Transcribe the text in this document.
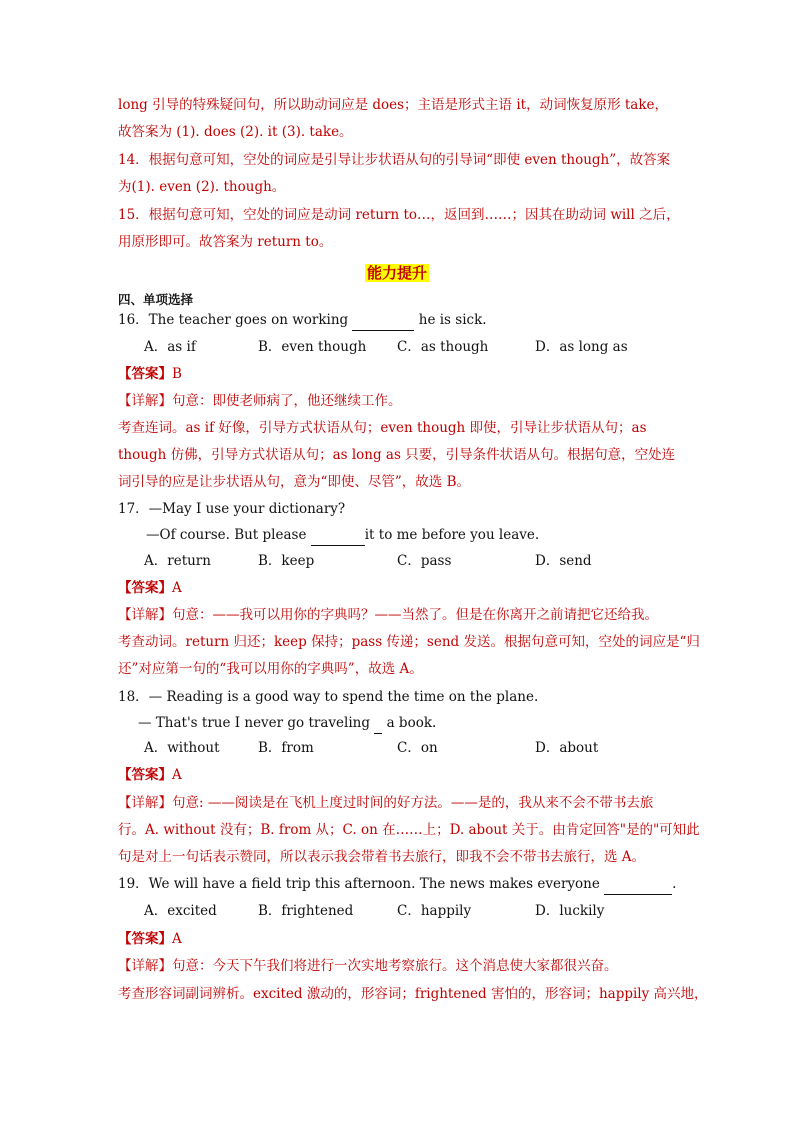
long 引导的特殊疑问句，所以助动词应是 does；主语是形式主语 it，动词恢复原形 take，
故答案为 (1). does (2). it (3). take。
14．根据句意可知，空处的词应是引导让步状语从句的引导词“即使 even though”，故答案
为(1). even (2). though。
15．根据句意可知，空处的词应是动词 return to…，返回到……；因其在助动词 will 之后，
用原形即可。故答案为 return to。
能力提升
四、单项选择
16．The teacher goes on working	he is sick.
A．as if	B．even though C．as though	D．as long as
【答案】B
【详解】句意：即使老师病了，他还继续工作。
考查连词。as if 好像，引导方式状语从句；even though 即使，引导让步状语从句；as
though 仿佛，引导方式状语从句；as long as 只要，引导条件状语从句。根据句意，空处连
词引导的应是让步状语从句，意为“即使、尽管”，故选 B。
17．—May I use your dictionary?
—Of course. But please	it to me before you leave.
A．return	B．keep	C．pass	D．send
【答案】A
【详解】句意：——我可以用你的字典吗？——当然了。但是在你离开之前请把它还给我。
考查动词。return 归还；keep 保持；pass 传递；send 发送。根据句意可知，空处的词应是“归
还”对应第一句的“我可以用你的字典吗”，故选 A。
18．— Reading is a good way to spend the time on the plane.
— That's true I never go traveling   a book.
A．without	B．from	C．on	D．about
【答案】A
【详解】句意: ——阅读是在飞机上度过时间的好方法。——是的，我从来不会不带书去旅
行。A. without 没有；B. from 从；C. on 在……上；D. about 关于。由肯定回答"是的"可知此
句是对上一句话表示赞同，所以表示我会带着书去旅行，即我不会不带书去旅行，选 A。
19．We will have a field trip this afternoon. The news makes everyone	.
A．excited	B．frightened	C．happily	D．luckily
【答案】A
【详解】句意：今天下午我们将进行一次实地考察旅行。这个消息使大家都很兴奋。
考查形容词副词辨析。excited 激动的，形容词；frightened 害怕的，形容词；happily 高兴地，
